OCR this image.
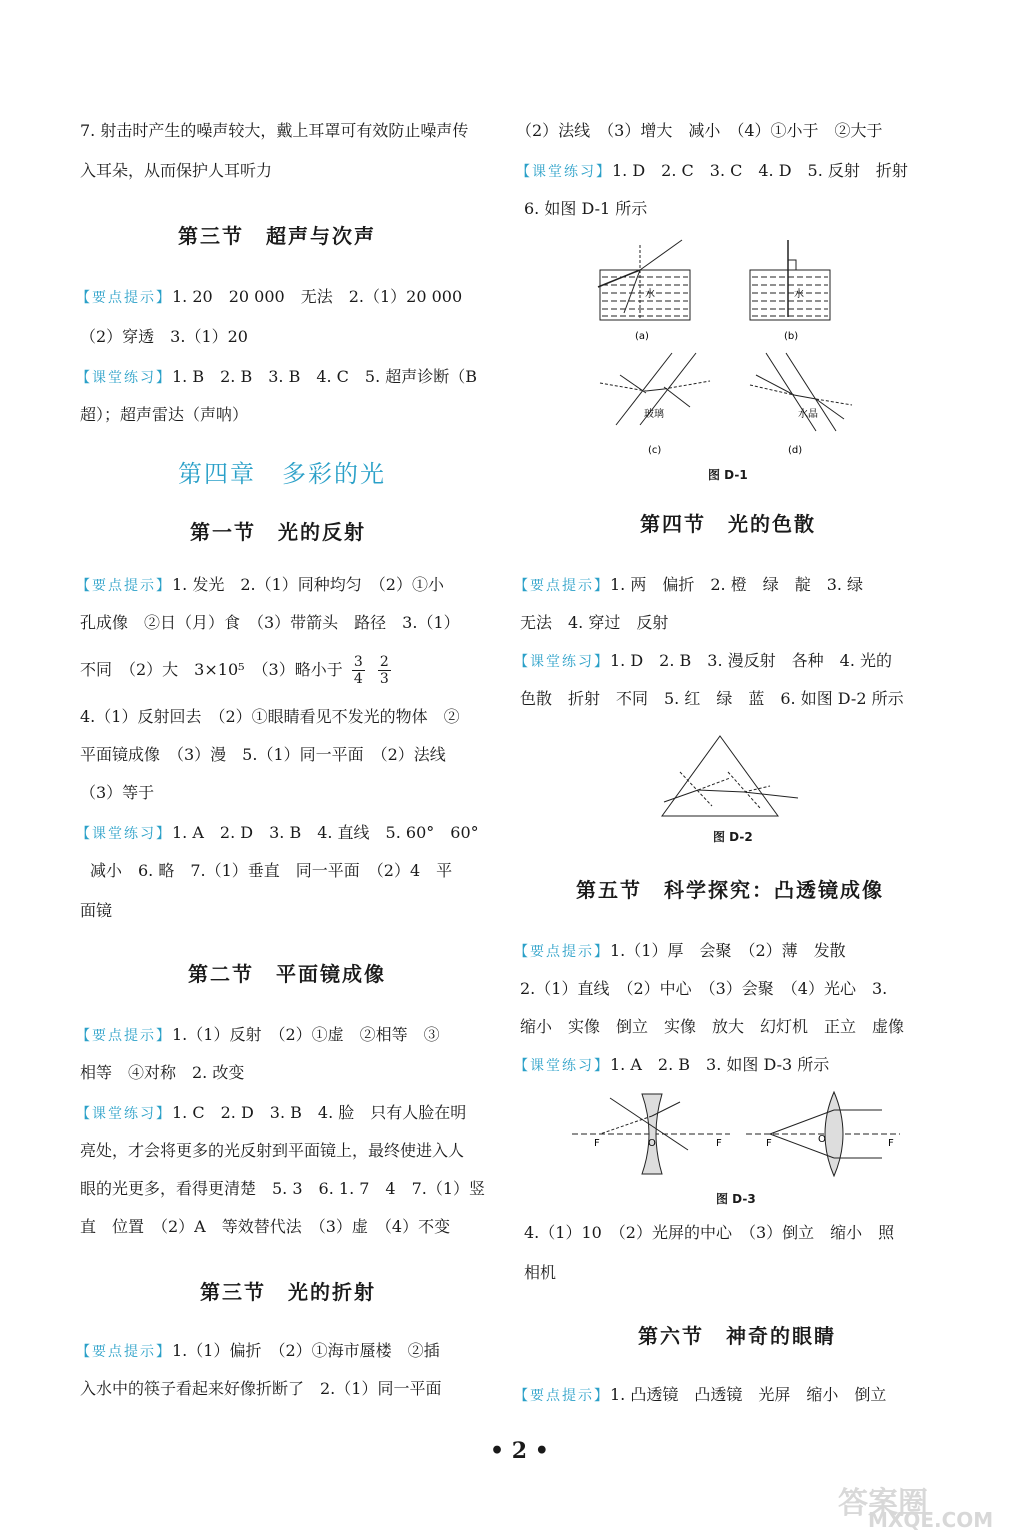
7. 射击时产生的噪声较大，戴上耳罩可有效防止噪声传
入耳朵，从而保护人耳听力
第三节　超声与次声
【要点提示】1. 20　20 000　无法　2.（1）20 000
（2）穿透　3.（1）20
【课堂练习】1. B　2. B　3. B　4. C　5. 超声诊断（B
超）；超声雷达（声呐）
第四章　多彩的光
第一节　光的反射
【要点提示】1. 发光　2.（1）同种均匀　（2）①小
孔成像　②日（月）食　（3）带箭头　路径　3.（1）
不同　（2）大　3×10⁵　（3）略小于 $\frac{3}{4}$
$\frac{2}{3}$
4.（1）反射回去　（2）①眼睛看见不发光的物体　②
平面镜成像　（3）漫　5.（1）同一平面　（2）法线
（3）等于
【课堂练习】1. A　2. D　3. B　4. 直线　5. 60°　60°
减小　6. 略　7.（1）垂直　同一平面　（2）4　平
面镜
第二节　平面镜成像
【要点提示】1.（1）反射　（2）①虚　②相等　③
相等　④对称　2. 改变
【课堂练习】1. C　2. D　3. B　4. 脸　只有人脸在明
亮处，才会将更多的光反射到平面镜上，最终使进入人
眼的光更多，看得更清楚　5. 3　6. 1. 7　4　7.（1）竖
直　位置　（2）A　等效替代法　（3）虚　（4）不变
第三节　光的折射
【要点提示】1.（1）偏折　（2）①海市蜃楼　②插
入水中的筷子看起来好像折断了　2.（1）同一平面
（2）法线　（3）增大　减小　（4）①小于　②大于
【课堂练习】1. D　2. C　3. C　4. D　5. 反射　折射
6. 如图 D-1 所示
水
(a)
水
(b)
玻璃
(c)
水晶
(d)
图 D-1
第四节　光的色散
【要点提示】1. 两　偏折　2. 橙　绿　靛　3. 绿
无法　4. 穿过　反射
【课堂练习】1. D　2. B　3. 漫反射　各种　4. 光的
色散　折射　不同　5. 红　绿　蓝　6. 如图 D-2 所示
图 D-2
第五节　科学探究：凸透镜成像
【要点提示】1.（1）厚　会聚　（2）薄　发散
2.（1）直线　（2）中心　（3）会聚　（4）光心　3.
缩小　实像　倒立　实像　放大　幻灯机　正立　虚像
【课堂练习】1. A　2. B　3. 如图 D-3 所示
F	O	F	F	O	F
图 D-3
4.（1）10　（2）光屏的中心　（3）倒立　缩小　照
相机
第六节　神奇的眼睛
【要点提示】1. 凸透镜　凸透镜　光屏　缩小　倒立
• 2 •
答案圈
MXQE.COM
